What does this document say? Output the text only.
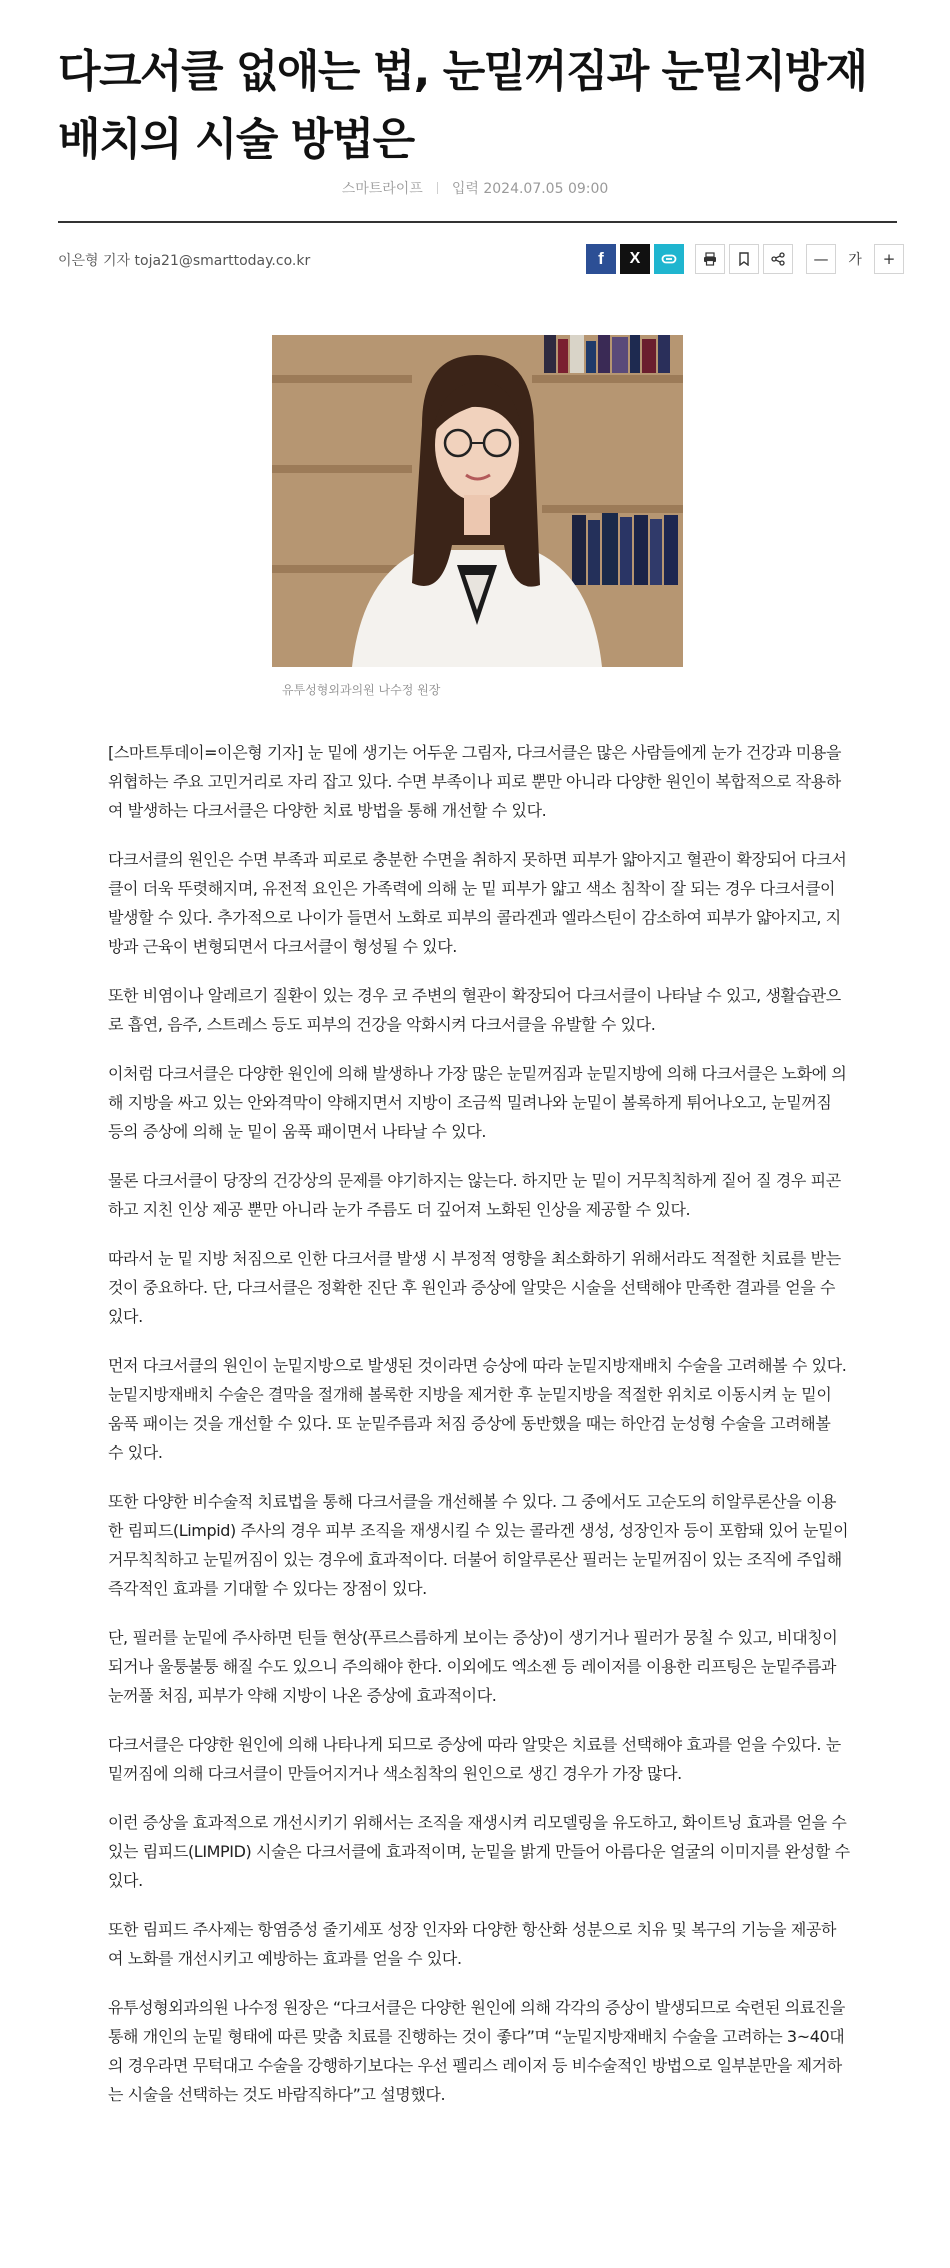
다크서클 없애는 법, 눈밑꺼짐과 눈밑지방재배치의 시술 방법은
스마트라이프 입력 2024.07.05 09:00
이은형 기자 toja21@smarttoday.co.kr	f X	—	가	+
유투성형외과의원 나수정 원장

[스마트투데이=이은형 기자] 눈 밑에 생기는 어두운 그림자, 다크서클은 많은 사람들에게 눈가 건강과 미용을 위협하는 주요 고민거리로 자리 잡고 있다. 수면 부족이나 피로 뿐만 아니라 다양한 원인이 복합적으로 작용하여 발생하는 다크서클은 다양한 치료 방법을 통해 개선할 수 있다.

다크서클의 원인은 수면 부족과 피로로 충분한 수면을 취하지 못하면 피부가 얇아지고 혈관이 확장되어 다크서클이 더욱 뚜렷해지며, 유전적 요인은 가족력에 의해 눈 밑 피부가 얇고 색소 침착이 잘 되는 경우 다크서클이 발생할 수 있다. 추가적으로 나이가 들면서 노화로 피부의 콜라겐과 엘라스틴이 감소하여 피부가 얇아지고, 지방과 근육이 변형되면서 다크서클이 형성될 수 있다.

또한 비염이나 알레르기 질환이 있는 경우 코 주변의 혈관이 확장되어 다크서클이 나타날 수 있고, 생활습관으로 흡연, 음주, 스트레스 등도 피부의 건강을 악화시켜 다크서클을 유발할 수 있다.

이처럼 다크서클은 다양한 원인에 의해 발생하나 가장 많은 눈밑꺼짐과 눈밑지방에 의해 다크서클은 노화에 의해 지방을 싸고 있는 안와격막이 약해지면서 지방이 조금씩 밀려나와 눈밑이 볼록하게 튀어나오고, 눈밑꺼짐 등의 증상에 의해 눈 밑이 움푹 패이면서 나타날 수 있다.

물론 다크서클이 당장의 건강상의 문제를 야기하지는 않는다. 하지만 눈 밑이 거무칙칙하게 짙어 질 경우 피곤하고 지친 인상 제공 뿐만 아니라 눈가 주름도 더 깊어져 노화된 인상을 제공할 수 있다.

따라서 눈 밑 지방 처짐으로 인한 다크서클 발생 시 부정적 영향을 최소화하기 위해서라도 적절한 치료를 받는 것이 중요하다. 단, 다크서클은 정확한 진단 후 원인과 증상에 알맞은 시술을 선택해야 만족한 결과를 얻을 수 있다.

먼저 다크서클의 원인이 눈밑지방으로 발생된 것이라면 승상에 따라 눈밑지방재배치 수술을 고려해볼 수 있다. 눈밑지방재배치 수술은 결막을 절개해 볼록한 지방을 제거한 후 눈밑지방을 적절한 위치로 이동시켜 눈 밑이 움푹 패이는 것을 개선할 수 있다. 또 눈밑주름과 처짐 증상에 동반했을 때는 하안검 눈성형 수술을 고려해볼 수 있다.

또한 다양한 비수술적 치료법을 통해 다크서클을 개선해볼 수 있다. 그 중에서도 고순도의 히알루론산을 이용한 림피드(Limpid) 주사의 경우 피부 조직을 재생시킬 수 있는 콜라겐 생성, 성장인자 등이 포함돼 있어 눈밑이 거무칙칙하고 눈밑꺼짐이 있는 경우에 효과적이다. 더불어 히알루론산 필러는 눈밑꺼짐이 있는 조직에 주입해 즉각적인 효과를 기대할 수 있다는 장점이 있다.

단, 필러를 눈밑에 주사하면 틴들 현상(푸르스름하게 보이는 증상)이 생기거나 필러가 뭉칠 수 있고, 비대칭이 되거나 울퉁불퉁 해질 수도 있으니 주의해야 한다. 이외에도 엑소젠 등 레이저를 이용한 리프팅은 눈밑주름과 눈꺼풀 처짐, 피부가 약해 지방이 나온 증상에 효과적이다.

다크서클은 다양한 원인에 의해 나타나게 되므로 증상에 따라 알맞은 치료를 선택해야 효과를 얻을 수있다. 눈밑꺼짐에 의해 다크서클이 만들어지거나 색소침착의 원인으로 생긴 경우가 가장 많다.

이런 증상을 효과적으로 개선시키기 위해서는 조직을 재생시켜 리모델링을 유도하고, 화이트닝 효과를 얻을 수 있는 림피드(LIMPID) 시술은 다크서클에 효과적이며, 눈밑을 밝게 만들어 아름다운 얼굴의 이미지를 완성할 수 있다.

또한 림피드 주사제는 항염증성 줄기세포 성장 인자와 다양한 항산화 성분으로 치유 및 복구의 기능을 제공하여 노화를 개선시키고 예방하는 효과를 얻을 수 있다.

유투성형외과의원 나수정 원장은 “다크서클은 다양한 원인에 의해 각각의 증상이 발생되므로 숙련된 의료진을 통해 개인의 눈밑 형태에 따른 맞춤 치료를 진행하는 것이 좋다”며 “눈밑지방재배치 수술을 고려하는 3~40대의 경우라면 무턱대고 수술을 강행하기보다는 우선 펠리스 레이저 등 비수술적인 방법으로 일부분만을 제거하는 시술을 선택하는 것도 바람직하다”고 설명했다.
